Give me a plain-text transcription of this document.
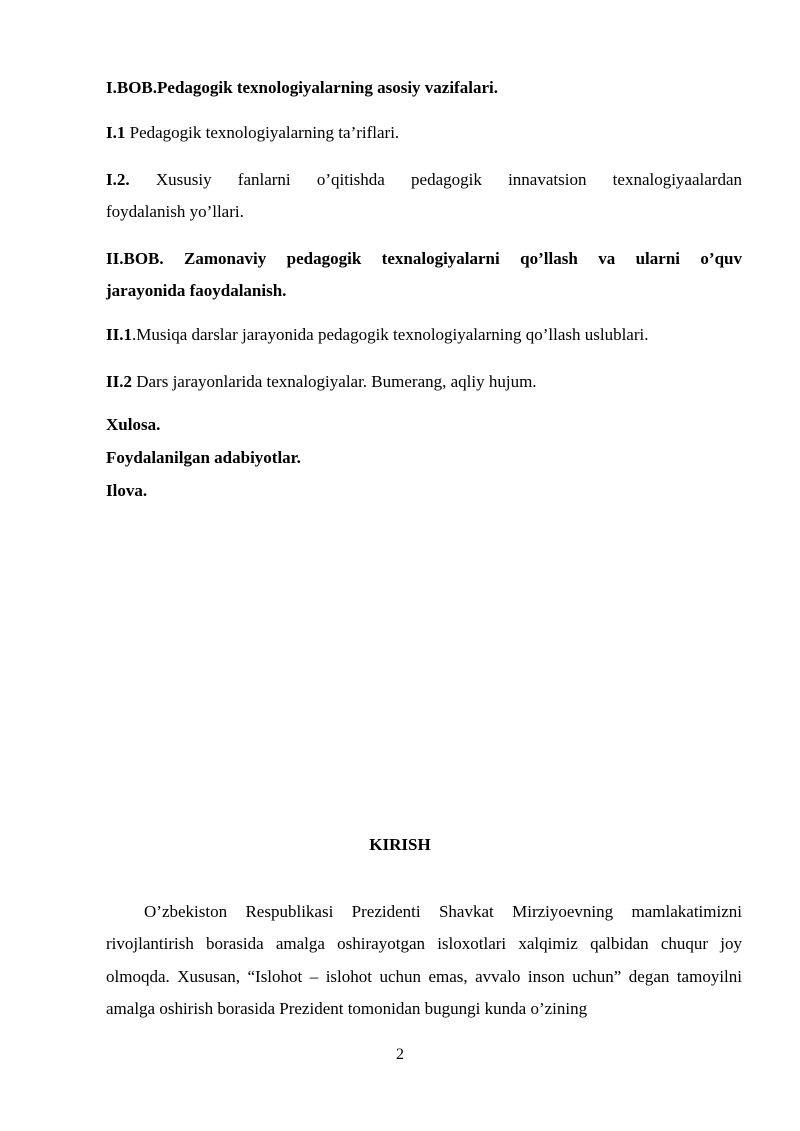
I.BOB.Pedagogik texnologiyalarning asosiy vazifalari.

I.1 Pedagogik texnologiyalarning ta’riflari.

I.2. Xususiy fanlarni o’qitishda pedagogik innavatsion texnalogiyaalardan
foydalanish yo’llari.
II.BOB. Zamonaviy pedagogik texnalogiyalarni qo’llash va ularni o’quv
jarayonida faoydalanish.

II.1.Musiqa darslar jarayonida pedagogik texnologiyalarning qo’llash uslublari.

II.2 Dars jarayonlarida texnalogiyalar. Bumerang, aqliy hujum.

Xulosa.
Foydalanilgan adabiyotlar.
Ilova.
KIRISH

O’zbekiston Respublikasi Prezidenti Shavkat Mirziyoevning mamlakatimizni rivojlantirish borasida amalga oshirayotgan isloxotlari xalqimiz qalbidan chuqur joy olmoqda. Xususan, “Islohot – islohot uchun emas, avvalo inson uchun” degan tamoyilni amalga oshirish borasida Prezident tomonidan bugungi kunda o’zining

2
